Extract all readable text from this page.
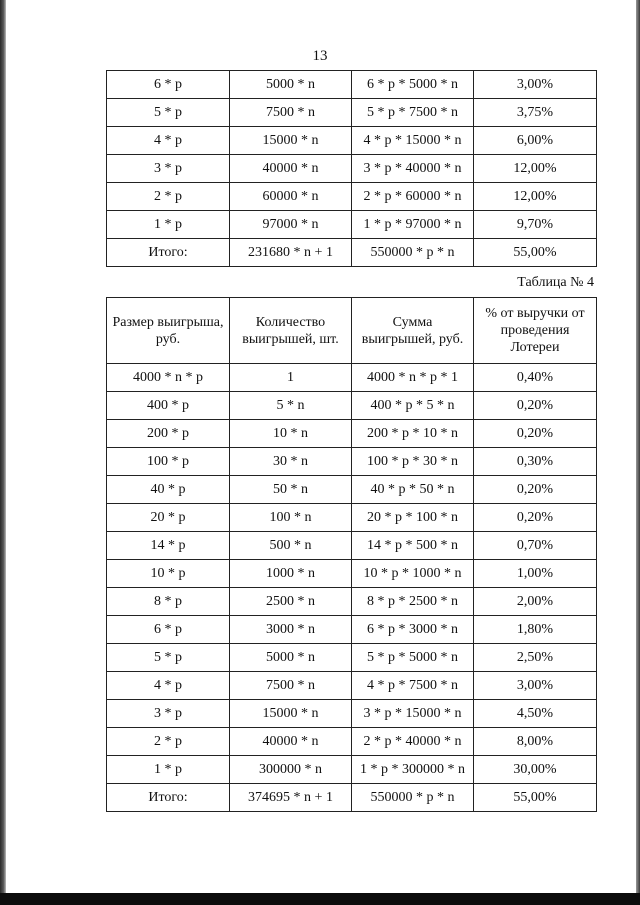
13
6 * p	5000 * n	6 * p * 5000 * n	3,00%
5 * p	7500 * n	5 * p * 7500 * n	3,75%
4 * p	15000 * n	4 * p * 15000 * n	6,00%
3 * p	40000 * n	3 * p * 40000 * n	12,00%
2 * p	60000 * n	2 * p * 60000 * n	12,00%
1 * p	97000 * n	1 * p * 97000 * n	9,70%
Итого:	231680 * n + 1	550000 * p * n	55,00%
Таблица № 4
Размер выигрыша, руб.	Количество выигрышей, шт.	Сумма выигрышей, руб.	% от выручки от проведения Лотереи
4000 * n * p	1	4000 * n * p * 1	0,40%
400 * p	5 * n	400 * p * 5 * n	0,20%
200 * p	10 * n	200 * p * 10 * n	0,20%
100 * p	30 * n	100 * p * 30 * n	0,30%
40 * p	50 * n	40 * p * 50 * n	0,20%
20 * p	100 * n	20 * p * 100 * n	0,20%
14 * p	500 * n	14 * p * 500 * n	0,70%
10 * p	1000 * n	10 * p * 1000 * n	1,00%
8 * p	2500 * n	8 * p * 2500 * n	2,00%
6 * p	3000 * n	6 * p * 3000 * n	1,80%
5 * p	5000 * n	5 * p * 5000 * n	2,50%
4 * p	7500 * n	4 * p * 7500 * n	3,00%
3 * p	15000 * n	3 * p * 15000 * n	4,50%
2 * p	40000 * n	2 * p * 40000 * n	8,00%
1 * p	300000 * n	1 * p * 300000 * n	30,00%
Итого:	374695 * n + 1	550000 * p * n	55,00%
